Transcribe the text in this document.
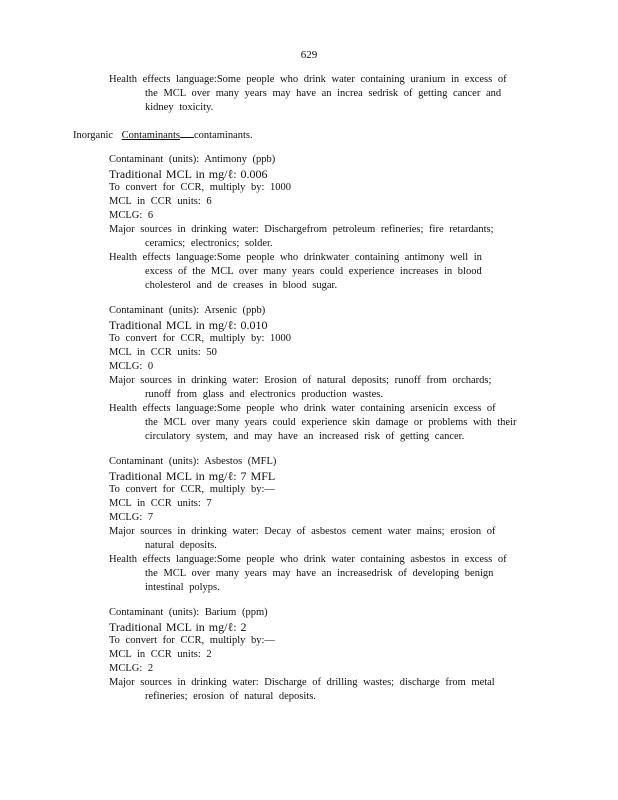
629
Health effects language:Some people who drink water containing uranium in excess of
the MCL over many years may have an increa sedrisk of getting cancer and kidney toxicity.
Inorganic Contaminants contaminants.
Contaminant (units): Antimony (ppb)
Traditional MCL in mg/ℓ: 0.006
To convert for CCR, multiply by: 1000
MCL in CCR units: 6
MCLG: 6
Major sources in drinking water: Dischargefrom petroleum refineries; fire retardants;
ceramics; electronics; solder.
Health effects language:Some people who drinkwater containing antimony well in
excess of the MCL over many years could experience increases in blood cholesterol and de creases in blood sugar.
Contaminant (units): Arsenic (ppb)
Traditional MCL in mg/ℓ: 0.010
To convert for CCR, multiply by: 1000
MCL in CCR units: 50
MCLG: 0
Major sources in drinking water: Erosion of natural deposits; runoff from orchards;
runoff from glass and electronics production wastes.
Health effects language:Some people who drink water containing arsenicin excess of
the MCL over many years could experience skin damage or problems with their circulatory system, and may have an increased risk of getting cancer.
Contaminant (units): Asbestos (MFL)
Traditional MCL in mg/ℓ: 7 MFL
To convert for CCR, multiply by:—
MCL in CCR units: 7
MCLG: 7
Major sources in drinking water: Decay of asbestos cement water mains; erosion of
natural deposits.
Health effects language:Some people who drink water containing asbestos in excess of
the MCL over many years may have an increasedrisk of developing benign intestinal polyps.
Contaminant (units): Barium (ppm)
Traditional MCL in mg/ℓ: 2
To convert for CCR, multiply by:—
MCL in CCR units: 2
MCLG: 2
Major sources in drinking water: Discharge of drilling wastes; discharge from metal
refineries; erosion of natural deposits.
